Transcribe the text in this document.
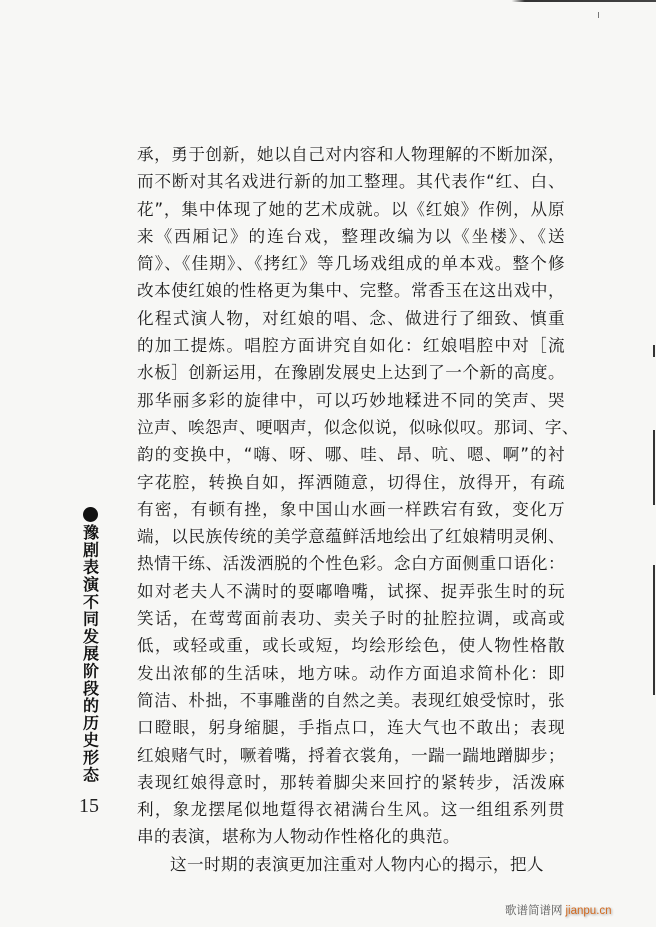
承，勇于创新，她以自己对内容和人物理解的不断加深，
而不断对其名戏进行新的加工整理。其代表作“红、白、
花”，集中体现了她的艺术成就。以《红娘》作例，从原
来《西厢记》的连台戏，整理改编为以《坐楼》、《送
简》、《佳期》、《拷红》等几场戏组成的单本戏。整个修
改本使红娘的性格更为集中、完整。常香玉在这出戏中，
化程式演人物，对红娘的唱、念、做进行了细致、慎重
的加工提炼。唱腔方面讲究自如化：红娘唱腔中对［流
水板］创新运用，在豫剧发展史上达到了一个新的高度。
那华丽多彩的旋律中，可以巧妙地糅进不同的笑声、哭
泣声、唉怨声、哽咽声，似念似说，似咏似叹。那词、字、
韵的变换中，“嗨、呀、哪、哇、昂、吭、嗯、啊”的衬
字花腔，转换自如，挥洒随意，切得住，放得开，有疏
有密，有顿有挫，象中国山水画一样跌宕有致，变化万
端，以民族传统的美学意蕴鲜活地绘出了红娘精明灵俐、
热情干练、活泼洒脱的个性色彩。念白方面侧重口语化：
如对老夫人不满时的耍嘟噜嘴，试探、捉弄张生时的玩
笑话，在莺莺面前表功、卖关子时的扯腔拉调，或高或
低，或轻或重，或长或短，均绘形绘色，使人物性格散
发出浓郁的生活味，地方味。动作方面追求简朴化：即
简洁、朴拙，不事雕凿的自然之美。表现红娘受惊时，张
口瞪眼，躬身缩腿，手指点口，连大气也不敢出；表现
红娘赌气时，噘着嘴，捋着衣裳角，一踹一踹地蹭脚步；
表现红娘得意时，那转着脚尖来回拧的紧转步，活泼麻
利，象龙摆尾似地踅得衣裙满台生风。这一组组系列贯
串的表演，堪称为人物动作性格化的典范。
这一时期的表演更加注重对人物内心的揭示，把人
豫剧表演不同发展阶段的历史形态
15
歌谱简谱网 jianpu.cn
